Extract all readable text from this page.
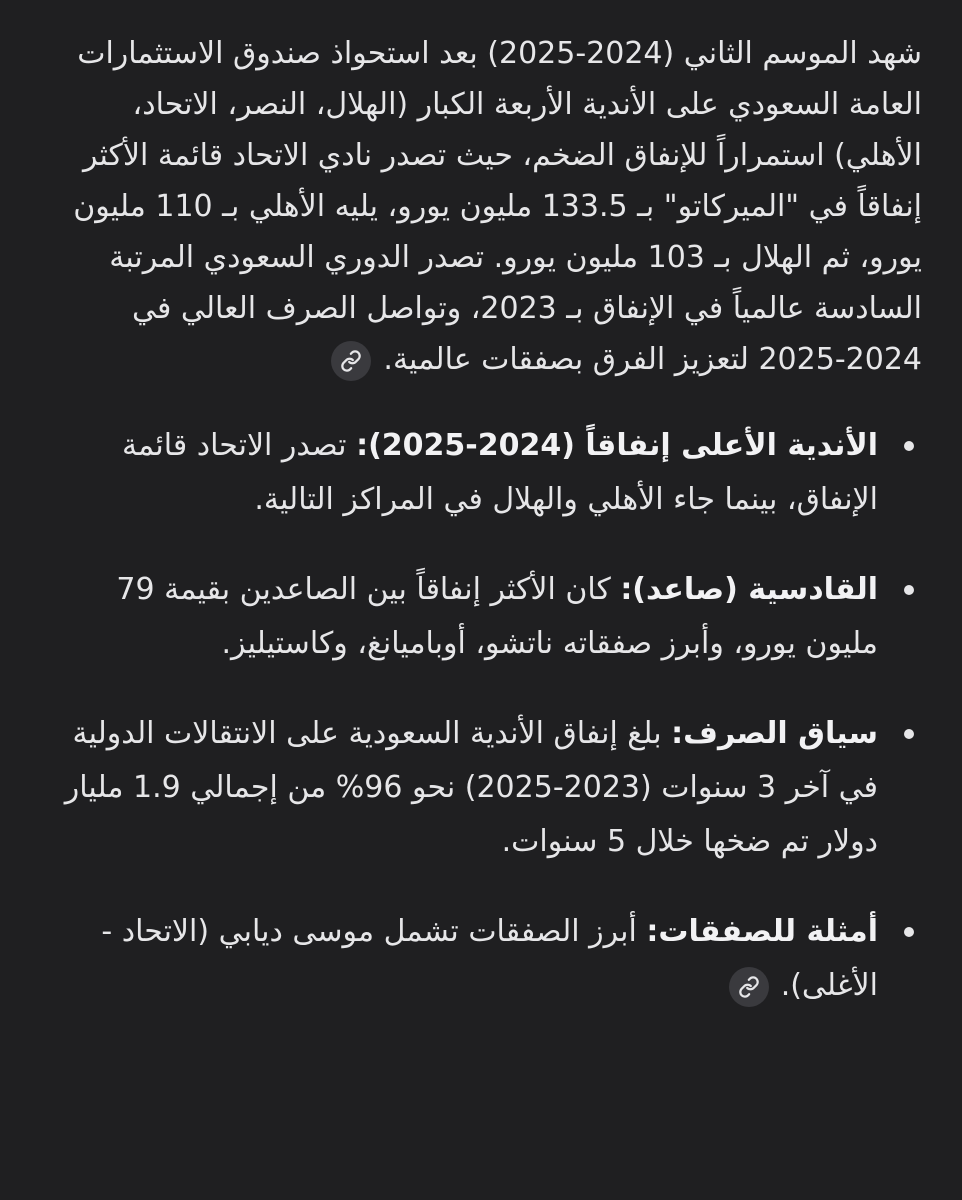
شهد الموسم الثاني (2024-2025) بعد استحواذ صندوق الاستثمارات العامة السعودي على الأندية الأربعة الكبار (الهلال، النصر، الاتحاد، الأهلي) استمراراً للإنفاق الضخم، حيث تصدر نادي الاتحاد قائمة الأكثر إنفاقاً في "الميركاتو" بـ 133.5 مليون يورو، يليه الأهلي بـ 110 مليون يورو، ثم الهلال بـ 103 مليون يورو. تصدر الدوري السعودي المرتبة السادسة عالمياً في الإنفاق بـ 2023، وتواصل الصرف العالي في 2024-2025 لتعزيز الفرق بصفقات عالمية.

الأندية الأعلى إنفاقاً (2024-2025): تصدر الاتحاد قائمة الإنفاق، بينما جاء الأهلي والهلال في المراكز التالية.
القادسية (صاعد): كان الأكثر إنفاقاً بين الصاعدين بقيمة 79 مليون يورو، وأبرز صفقاته ناتشو، أوباميانغ، وكاستيليز.
سياق الصرف: بلغ إنفاق الأندية السعودية على الانتقالات الدولية في آخر 3 سنوات (2023-2025) نحو 96% من إجمالي 1.9 مليار دولار تم ضخها خلال 5 سنوات.
أمثلة للصفقات: أبرز الصفقات تشمل موسى ديابي (الاتحاد - الأغلى).
